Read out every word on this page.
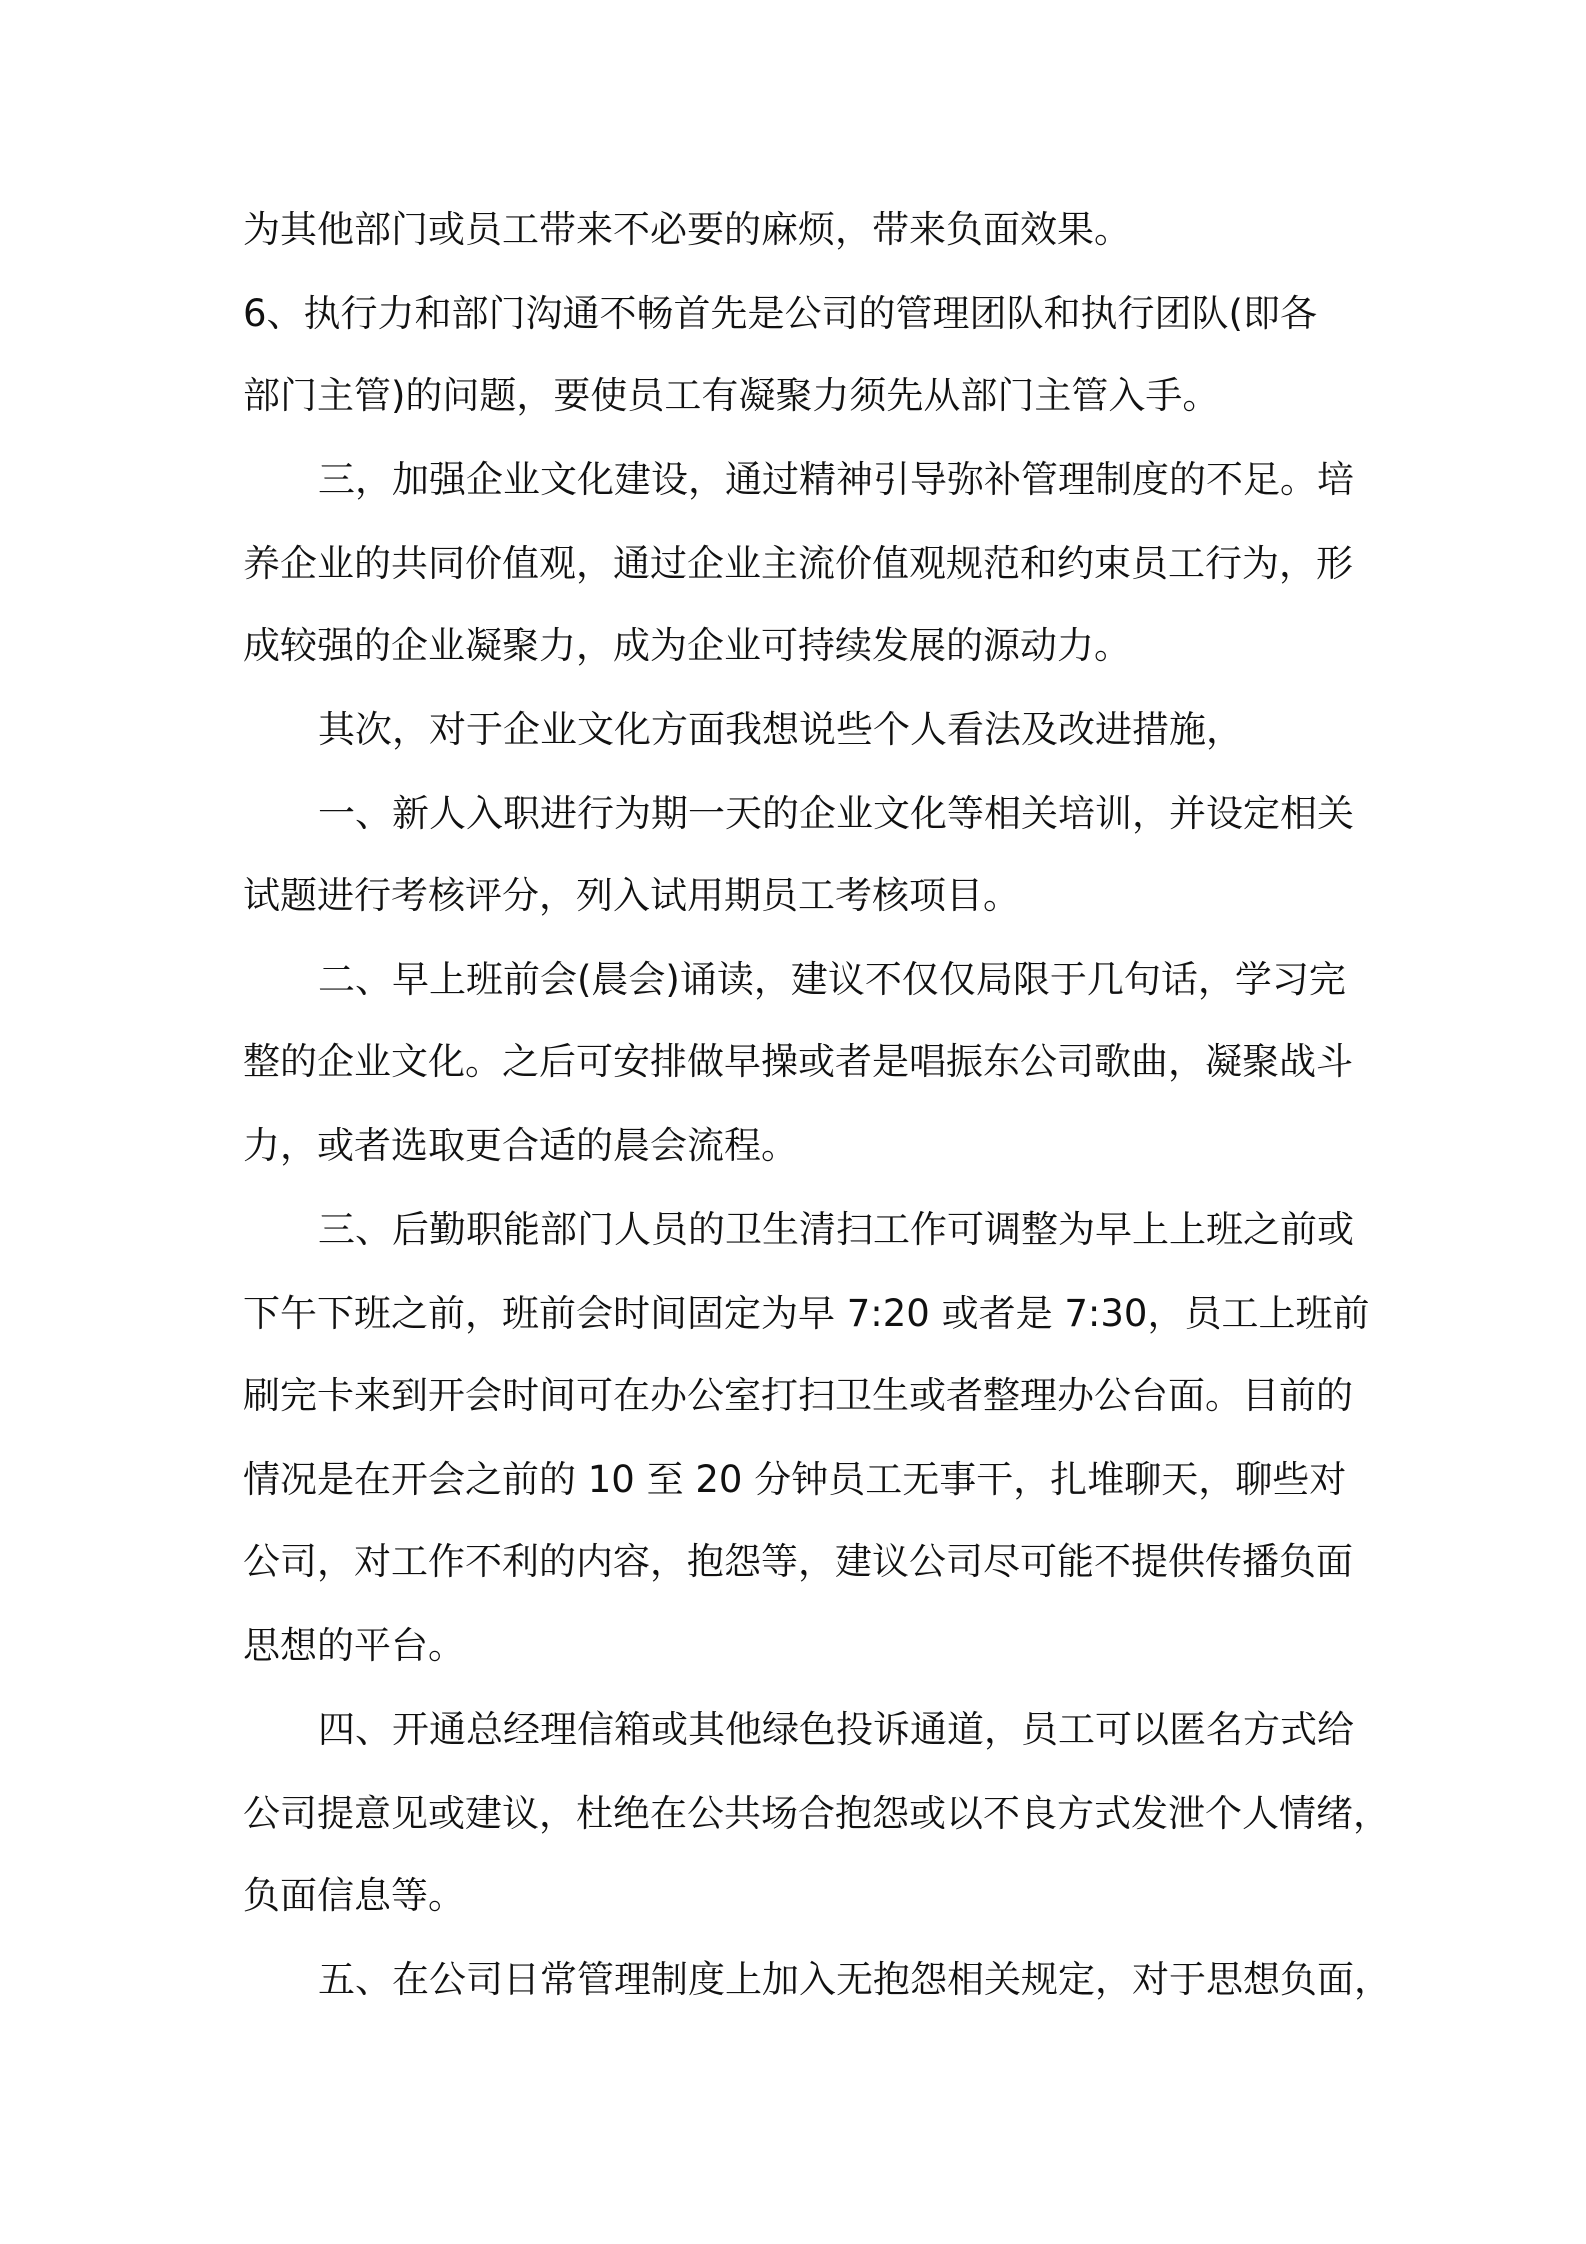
为其他部门或员工带来不必要的麻烦，带来负面效果。

6、执行力和部门沟通不畅首先是公司的管理团队和执行团队(即各

部门主管)的问题，要使员工有凝聚力须先从部门主管入手。

三，加强企业文化建设，通过精神引导弥补管理制度的不足。培

养企业的共同价值观，通过企业主流价值观规范和约束员工行为，形

成较强的企业凝聚力，成为企业可持续发展的源动力。

其次，对于企业文化方面我想说些个人看法及改进措施，

一、新人入职进行为期一天的企业文化等相关培训，并设定相关

试题进行考核评分，列入试用期员工考核项目。

二、早上班前会(晨会)诵读，建议不仅仅局限于几句话，学习完

整的企业文化。之后可安排做早操或者是唱振东公司歌曲，凝聚战斗

力，或者选取更合适的晨会流程。

三、后勤职能部门人员的卫生清扫工作可调整为早上上班之前或

下午下班之前，班前会时间固定为早 7:20 或者是 7:30，员工上班前

刷完卡来到开会时间可在办公室打扫卫生或者整理办公台面。目前的

情况是在开会之前的 10 至 20 分钟员工无事干，扎堆聊天，聊些对

公司，对工作不利的内容，抱怨等，建议公司尽可能不提供传播负面

思想的平台。

四、开通总经理信箱或其他绿色投诉通道，员工可以匿名方式给

公司提意见或建议，杜绝在公共场合抱怨或以不良方式发泄个人情绪，

负面信息等。

五、在公司日常管理制度上加入无抱怨相关规定，对于思想负面，
